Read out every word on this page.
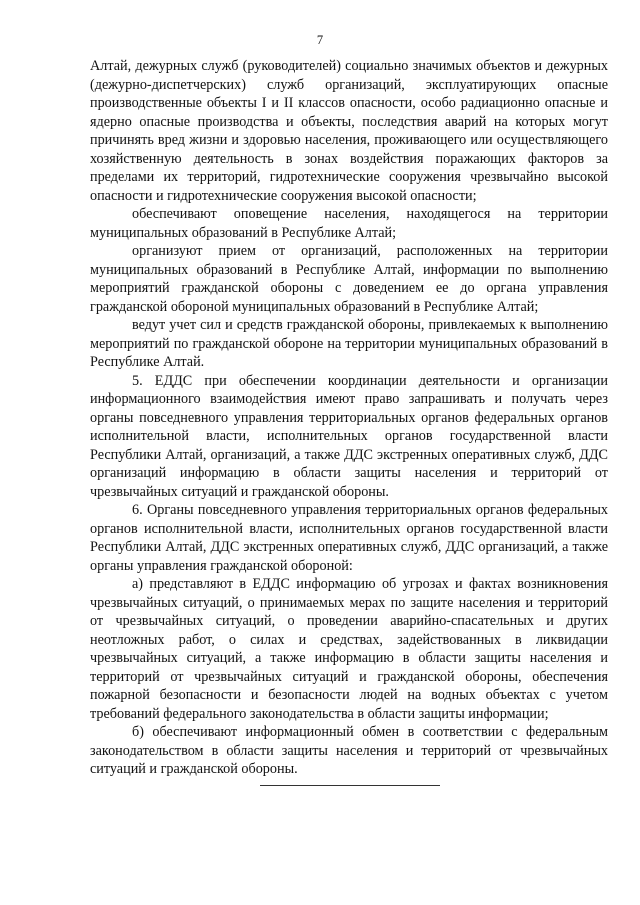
7

Алтай, дежурных служб (руководителей) социально значимых объектов и дежурных (дежурно-диспетчерских) служб организаций, эксплуатирующих опасные производственные объекты I и II классов опасности, особо радиационно опасные и ядерно опасные производства и объекты, последствия аварий на которых могут причинять вред жизни и здоровью населения, проживающего или осуществляющего хозяйственную деятельность в зонах воздействия поражающих факторов за пределами их территорий, гидротехнические сооружения чрезвычайно высокой опасности и гидротехнические сооружения высокой опасности;

обеспечивают оповещение населения, находящегося на территории муниципальных образований в Республике Алтай;

организуют прием от организаций, расположенных на территории муниципальных образований в Республике Алтай, информации по выполнению мероприятий гражданской обороны с доведением ее до органа управления гражданской обороной муниципальных образований в Республике Алтай;

ведут учет сил и средств гражданской обороны, привлекаемых к выполнению мероприятий по гражданской обороне на территории муниципальных образований в Республике Алтай.

5. ЕДДС при обеспечении координации деятельности и организации информационного взаимодействия имеют право запрашивать и получать через органы повседневного управления территориальных органов федеральных органов исполнительной власти, исполнительных органов государственной власти Республики Алтай, организаций, а также ДДС экстренных оперативных служб, ДДС организаций информацию в области защиты населения и территорий от чрезвычайных ситуаций и гражданской обороны.

6. Органы повседневного управления территориальных органов федеральных органов исполнительной власти, исполнительных органов государственной власти Республики Алтай, ДДС экстренных оперативных служб, ДДС организаций, а также органы управления гражданской обороной:

а) представляют в ЕДДС информацию об угрозах и фактах возникновения чрезвычайных ситуаций, о принимаемых мерах по защите населения и территорий от чрезвычайных ситуаций, о проведении аварийно-спасательных и других неотложных работ, о силах и средствах, задействованных в ликвидации чрезвычайных ситуаций, а также информацию в области защиты населения и территорий от чрезвычайных ситуаций и гражданской обороны, обеспечения пожарной безопасности и безопасности людей на водных объектах с учетом требований федерального законодательства в области защиты информации;

б) обеспечивают информационный обмен в соответствии с федеральным законодательством в области защиты населения и территорий от чрезвычайных ситуаций и гражданской обороны.
